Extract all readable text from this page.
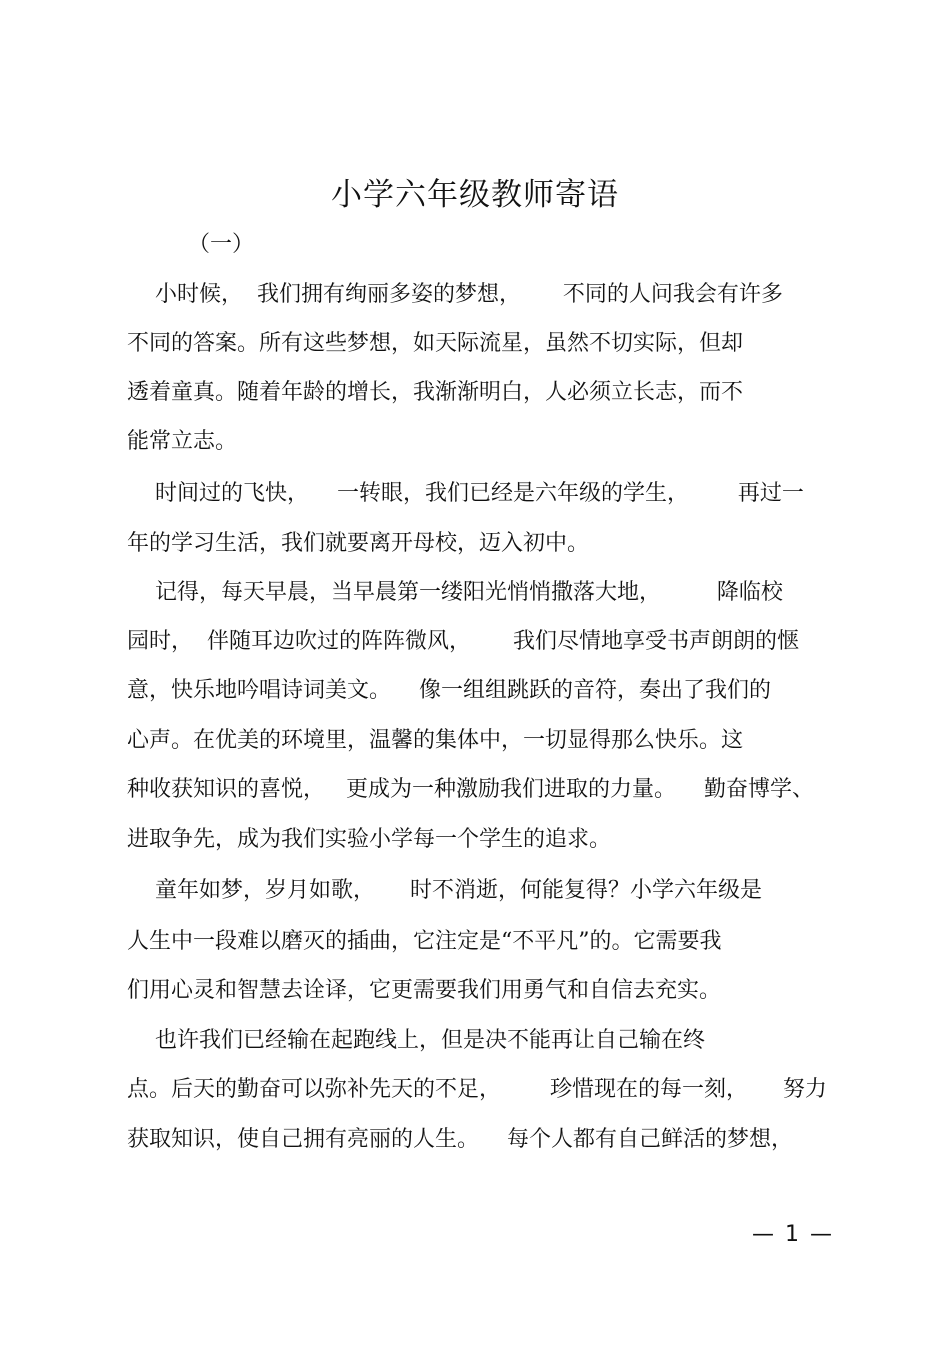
小学六年级教师寄语
（一）
小时候，  我们拥有绚丽多姿的梦想，      不同的人问我会有许多
不同的答案。所有这些梦想，如天际流星，虽然不切实际，但却
透着童真。随着年龄的增长，我渐渐明白，人必须立长志，而不
能常立志。
时间过的飞快，    一转眼，我们已经是六年级的学生，       再过一
年的学习生活，我们就要离开母校，迈入初中。
记得，每天早晨，当早晨第一缕阳光悄悄撒落大地，        降临校
园时，  伴随耳边吹过的阵阵微风，      我们尽情地享受书声朗朗的惬
意，快乐地吟唱诗词美文。    像一组组跳跃的音符，奏出了我们的
心声。在优美的环境里，温馨的集体中，一切显得那么快乐。这
种收获知识的喜悦，   更成为一种激励我们进取的力量。    勤奋博学、
进取争先，成为我们实验小学每一个学生的追求。
童年如梦，岁月如歌，     时不消逝，何能复得？小学六年级是
人生中一段难以磨灭的插曲，它注定是“不平凡”的。它需要我
们用心灵和智慧去诠译，它更需要我们用勇气和自信去充实。
也许我们已经输在起跑线上，但是决不能再让自己输在终
点。后天的勤奋可以弥补先天的不足，       珍惜现在的每一刻，     努力
获取知识，使自己拥有亮丽的人生。    每个人都有自己鲜活的梦想，
— 1 —
